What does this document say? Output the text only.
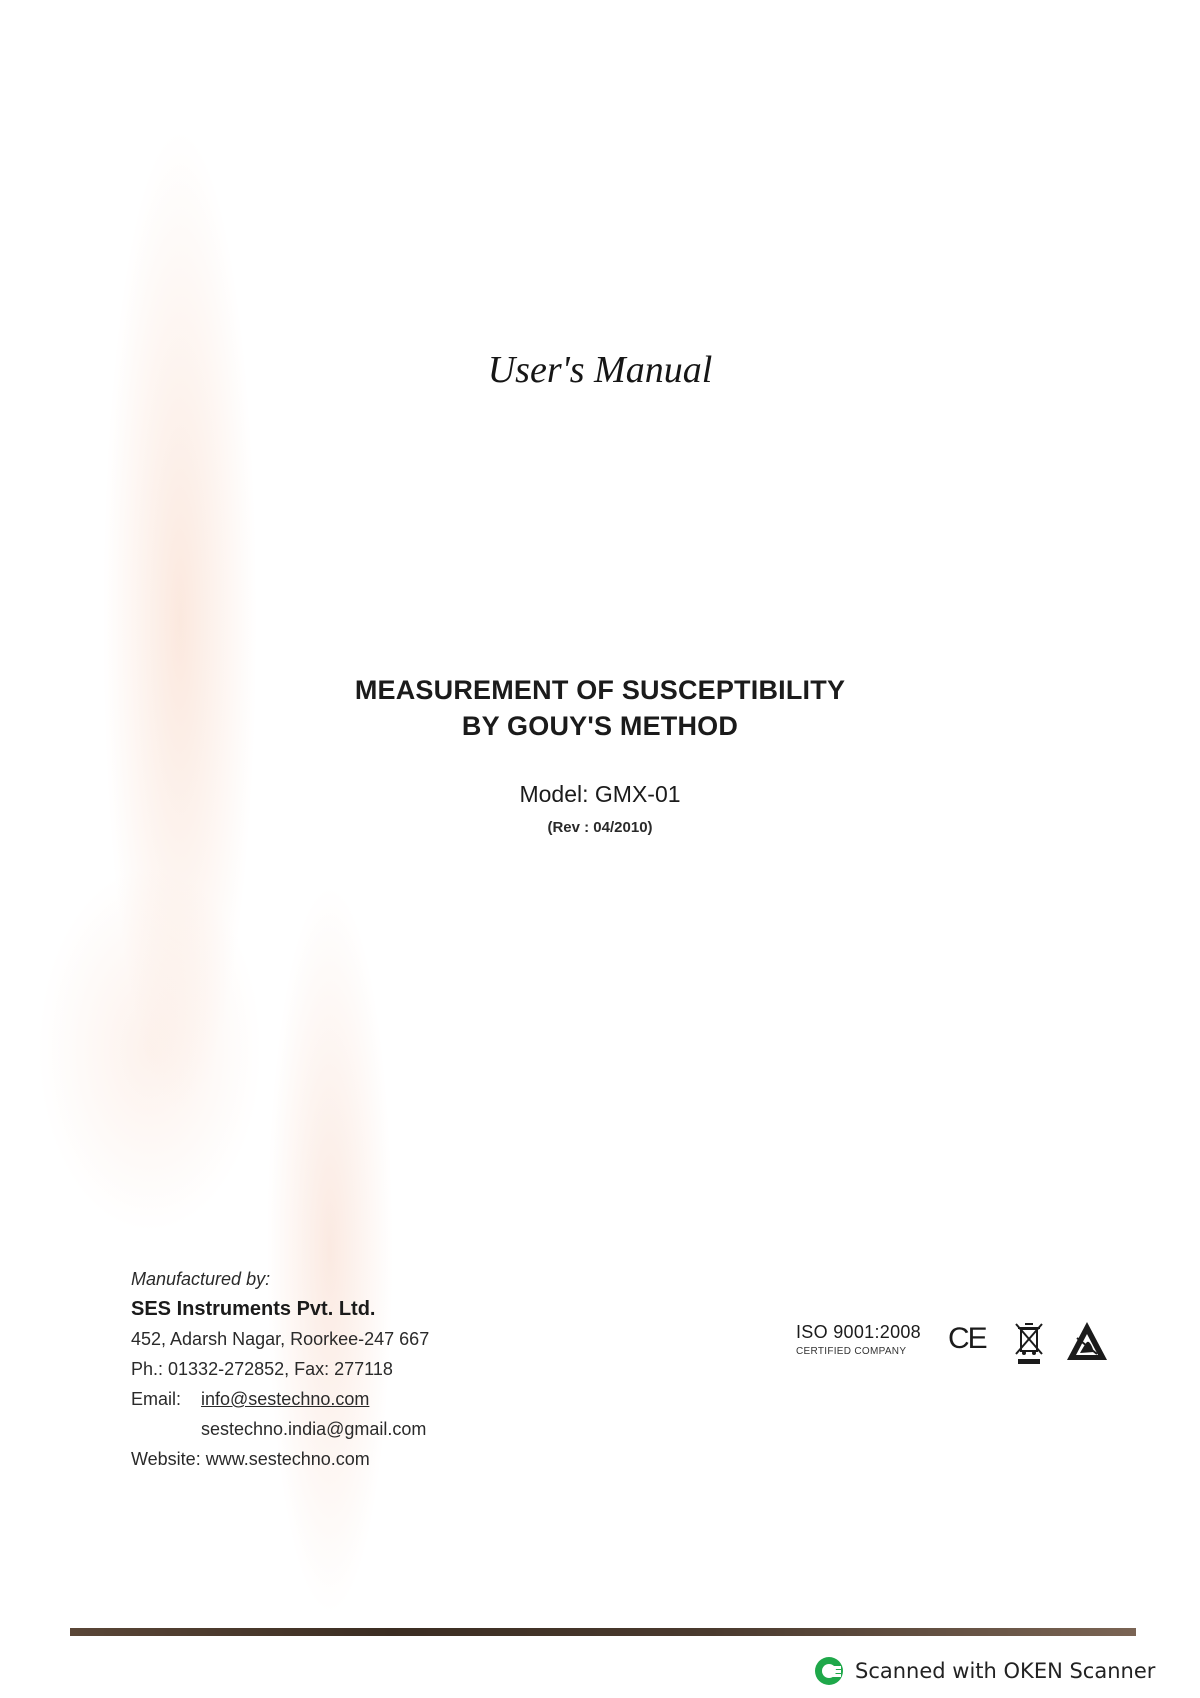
User's Manual
MEASUREMENT OF SUSCEPTIBILITY
BY GOUY'S METHOD
Model: GMX-01
(Rev : 04/2010)
Manufactured by:
SES Instruments Pvt. Ltd.
452, Adarsh Nagar, Roorkee-247 667
Ph.: 01332-272852, Fax: 277118
Email: info@sestechno.com
sestechno.india@gmail.com
Website: www.sestechno.com
ISO 9001:2008
CERTIFIED COMPANY	CE
Scanned with OKEN Scanner
